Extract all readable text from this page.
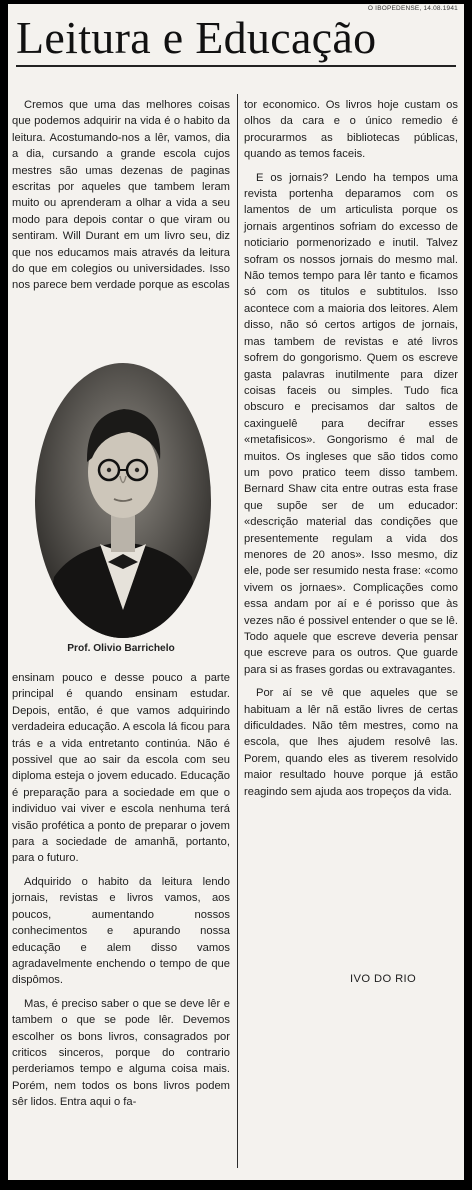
O IBOPEDENSE, 14.08.1941
Leitura e Educação

Cremos que uma das melhores coisas que podemos adquirir na vida é o habito da leitura. Acostumando-nos a lêr, vamos, dia a dia, cursando a grande escola cujos mestres são umas dezenas de paginas escritas por aqueles que tambem leram muito ou aprenderam a olhar a vida a seu modo para depois contar o que viram ou sentiram. Will Durant em um livro seu, diz que nos educamos mais através da leitura do que em colegios ou universidades. Isso nos parece bem verdade porque as escolas

Prof. Olivio Barrichelo

ensinam pouco e desse pouco a parte principal é quando ensinam estudar. Depois, então, é que vamos adquirindo verdadeira educação. A escola lá ficou para trás e a vida entretanto continúa. Não é possivel que ao sair da escola com seu diploma esteja o jovem educado. Educação é preparação para a sociedade em que o individuo vai viver e escola nenhuma terá visão profética a ponto de preparar o jovem para a sociedade de amanhã, portanto, para o futuro.

Adquirido o habito da leitura lendo jornais, revistas e livros vamos, aos poucos, aumentando nossos conhecimentos e apurando nossa educação e alem disso vamos agradavelmente enchendo o tempo de que dispômos.

Mas, é preciso saber o que se deve lêr e tambem o que se pode lêr. Devemos escolher os bons livros, consagrados por criticos sinceros, porque do contrario perderiamos tempo e alguma coisa mais. Porém, nem todos os bons livros podem sêr lidos. Entra aqui o fa-

tor economico. Os livros hoje custam os olhos da cara e o único remedio é procurarmos as bibliotecas públicas, quando as temos faceis.

E os jornais? Lendo ha tempos uma revista portenha deparamos com os lamentos de um articulista porque os jornais argentinos sofriam do excesso de noticiario pormenorizado e inutil. Talvez sofram os nossos jornais do mesmo mal. Não temos tempo para lêr tanto e ficamos só com os titulos e subtitulos. Isso acontece com a maioria dos leitores. Alem disso, não só certos artigos de jornais, mas tambem de revistas e até livros sofrem do gongorismo. Quem os escreve gasta palavras inutilmente para dizer coisas faceis ou simples. Tudo fica obscuro e precisamos dar saltos de caxinguelê para decifrar esses «metafisicos». Gongorismo é mal de muitos. Os ingleses que são tidos como um povo pratico teem disso tambem. Bernard Shaw cita entre outras esta frase que supõe ser de um educador: «descrição material das condições que presentemente regulam a vida dos menores de 20 anos». Isso mesmo, diz ele, pode ser resumido nesta frase: «como vivem os jornaes». Complicações como essa andam por aí e é porisso que às vezes não é possivel entender o que se lê. Todo aquele que escreve deveria pensar que escreve para os outros. Que guarde para si as frases gordas ou extravagantes.

Por aí se vê que aqueles que se habituam a lêr nã estão livres de certas dificuldades. Não têm mestres, como na escola, que lhes ajudem resolvê las. Porem, quando eles as tiverem resolvido maior resultado houve porque já estão reagindo sem ajuda aos tropeços da vida.

IVO DO RIO
